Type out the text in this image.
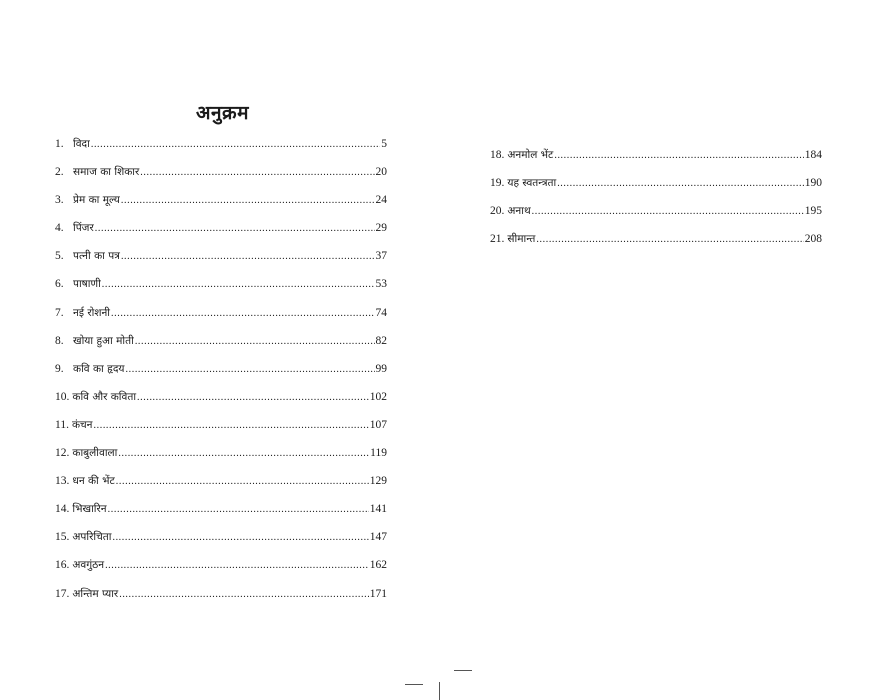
अनुक्रम
1. विदा .....	5
2. समाज का शिकार .....	20
3. प्रेम का मूल्य .....	24
4. पिंजर .....	29
5. पत्नी का पत्र .....	37
6. पाषाणी .....	53
7. नई रोशनी .....	74
8. खोया हुआ मोती .....	82
9. कवि का हृदय .....	99
10. कवि और कविता .....	102
11. कंचन .....	107
12. काबुलीवाला .....	119
13. धन की भेंट .....	129
14. भिखारिन .....	141
15. अपरिचिता .....	147
16. अवगुंठन .....	162
17. अन्तिम प्यार .....	171
18. अनमोल भेंट .....	184
19. यह स्वतन्त्रता .....	190
20. अनाथ .....	195
21. सीमान्त .....	208
